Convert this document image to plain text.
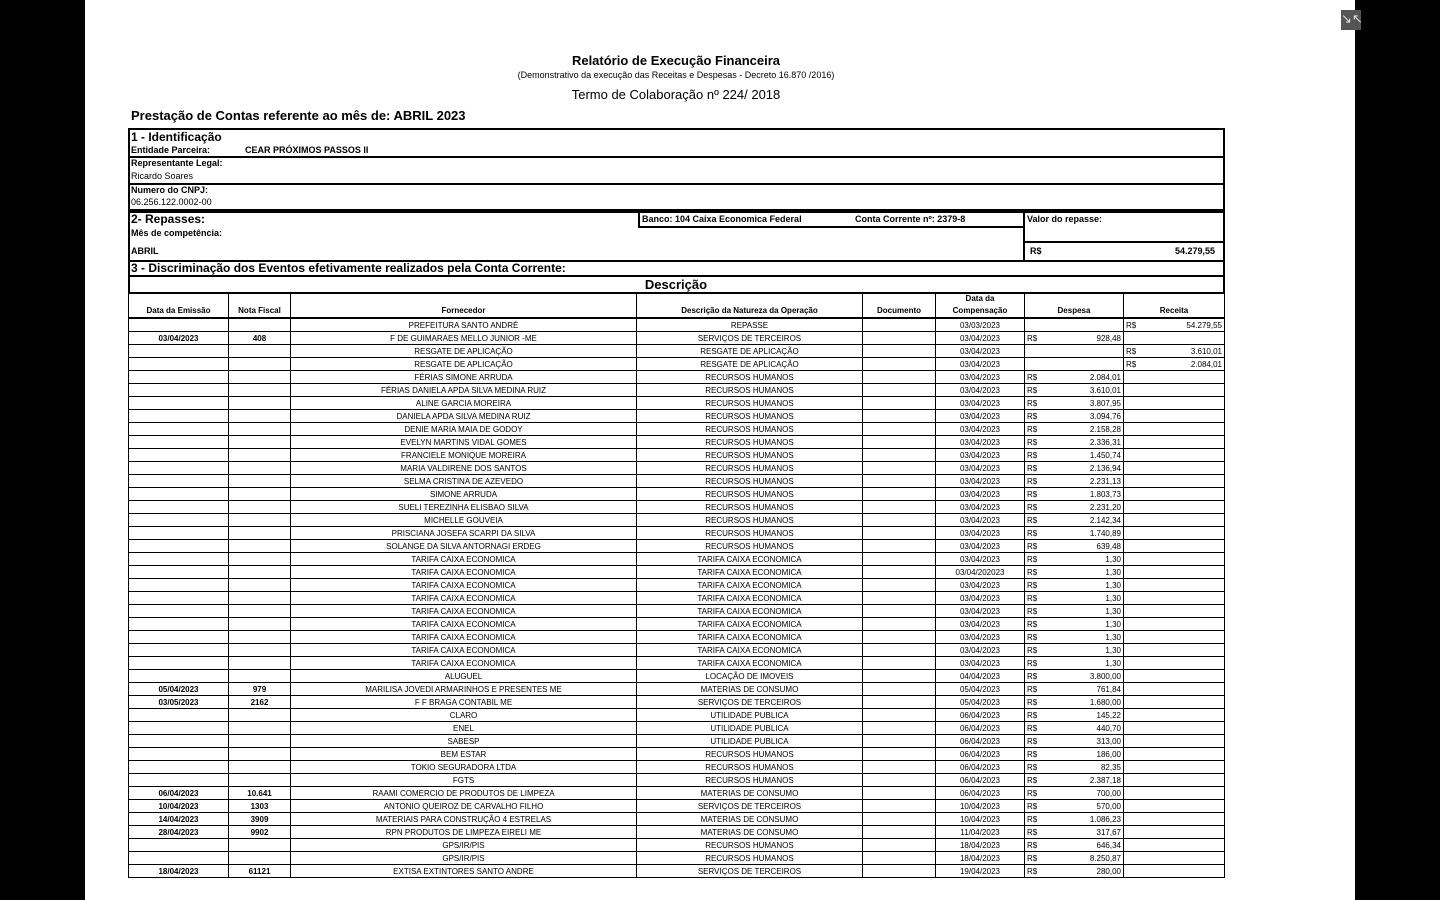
Relatório de Execução Financeira
(Demonstrativo da execução das Receitas e Despesas - Decreto 16.870 /2016)
Termo de Colaboração nº 224/ 2018
Prestação de Contas referente ao mês de: ABRIL 2023
1 - Identificação
Entidade Parceira:	CEAR PRÓXIMOS PASSOS II
Representante Legal:
Ricardo Soares
Numero do CNPJ:
06.256.122.0002-00
2- Repasses:	Banco: 104 Caixa Economica Federal	Conta Corrente nº: 2379-8	Valor do repasse:
Mês de competência:
ABRIL	R$	54.279,55
3 - Discriminação dos Eventos efetivamente realizados pela Conta Corrente:
Descrição
Data da Emissão	Nota Fiscal	Fornecedor	Descrição da Natureza da Operação	Documento	Data da Compensação	Despesa	Receita
		PREFEITURA SANTO ANDRÉ	REPASSE		03/03/2023		R$ 54.279,55

03/04/2023	408	F DE GUIMARAES MELLO JUNIOR -ME	SERVIÇOS DE TERCEIROS		03/04/2023	R$ 928,48	

		RESGATE DE APLICAÇÃO	RESGATE DE APLICAÇÃO		03/04/2023		R$ 3.610,01

		RESGATE DE APLICAÇÃO	RESGATE DE APLICAÇÃO		03/04/2023		R$ 2.084,01

		FÉRIAS SIMONE ARRUDA	RECURSOS HUMANOS		03/04/2023	R$ 2.084,01	

		FÉRIAS DANIELA APDA SILVA MEDINA RUIZ	RECURSOS HUMANOS		03/04/2023	R$ 3.610,01	

		ALINE GARCIA MOREIRA	RECURSOS HUMANOS		03/04/2023	R$ 3.807,95	

		DANIELA APDA SILVA MEDINA RUIZ	RECURSOS HUMANOS		03/04/2023	R$ 3.094,76	

		DENIE MARIA MAIA DE GODOY	RECURSOS HUMANOS		03/04/2023	R$ 2.158,28	

		EVELYN MARTINS VIDAL GOMES	RECURSOS HUMANOS		03/04/2023	R$ 2.336,31	

		FRANCIELE MONIQUE MOREIRA	RECURSOS HUMANOS		03/04/2023	R$ 1.450,74	

		MARIA VALDIRENE DOS SANTOS	RECURSOS HUMANOS		03/04/2023	R$ 2.136,94	

		SELMA CRISTINA DE AZEVEDO	RECURSOS HUMANOS		03/04/2023	R$ 2.231,13	

		SIMONE ARRUDA	RECURSOS HUMANOS		03/04/2023	R$ 1.803,73	

		SUELI TEREZINHA ELISBAO SILVA	RECURSOS HUMANOS		03/04/2023	R$ 2.231,20	

		MICHELLE GOUVEIA	RECURSOS HUMANOS		03/04/2023	R$ 2.142,34	

		PRISCIANA JOSEFA SCARPI DA SILVA	RECURSOS HUMANOS		03/04/2023	R$ 1.740,89	

		SOLANGE DA SILVA ANTORNAGI ERDEG	RECURSOS HUMANOS		03/04/2023	R$ 639,48	

		TARIFA CAIXA ECONOMICA	TARIFA CAIXA ECONOMICA		03/04/2023	R$ 1,30	

		TARIFA CAIXA ECONOMICA	TARIFA CAIXA ECONOMICA		03/04/202023	R$ 1,30	

		TARIFA CAIXA ECONOMICA	TARIFA CAIXA ECONOMICA		03/04/2023	R$ 1,30	

		TARIFA CAIXA ECONOMICA	TARIFA CAIXA ECONOMICA		03/04/2023	R$ 1,30	

		TARIFA CAIXA ECONOMICA	TARIFA CAIXA ECONOMICA		03/04/2023	R$ 1,30	

		TARIFA CAIXA ECONOMICA	TARIFA CAIXA ECONOMICA		03/04/2023	R$ 1,30	

		TARIFA CAIXA ECONOMICA	TARIFA CAIXA ECONOMICA		03/04/2023	R$ 1,30	

		TARIFA CAIXA ECONOMICA	TARIFA CAIXA ECONOMICA		03/04/2023	R$ 1,30	

		TARIFA CAIXA ECONOMICA	TARIFA CAIXA ECONOMICA		03/04/2023	R$ 1,30	

		ALUGUEL	LOCAÇÃO DE IMOVEIS		04/04/2023	R$ 3.800,00	

05/04/2023	979	MARILISA JOVEDI ARMARINHOS E PRESENTES ME	MATERIAS DE CONSUMO		05/04/2023	R$ 761,84	

03/05/2023	2162	F F BRAGA CONTABIL ME	SERVIÇOS DE TERCEIROS		05/04/2023	R$ 1.680,00	

		CLARO	UTILIDADE PUBLICA		06/04/2023	R$ 145,22	

		ENEL	UTILIDADE PUBLICA		06/04/2023	R$ 440,70	

		SABESP	UTILIDADE PUBLICA		06/04/2023	R$ 313,00	

		BEM ESTAR	RECURSOS HUMANOS		06/04/2023	R$ 186,00	

		TOKIO SEGURADORA LTDA	RECURSOS HUMANOS		06/04/2023	R$ 82,35	

		FGTS	RECURSOS HUMANOS		06/04/2023	R$ 2.387,18	

06/04/2023	10.641	RAAMI COMERCIO DE PRODUTOS DE LIMPEZA	MATERIAS DE CONSUMO		06/04/2023	R$ 700,00	

10/04/2023	1303	ANTONIO QUEIROZ DE CARVALHO FILHO	SERVIÇOS DE TERCEIROS		10/04/2023	R$ 570,00	

14/04/2023	3909	MATERIAIS PARA CONSTRUÇÃO 4 ESTRELAS	MATERIAS DE CONSUMO		10/04/2023	R$ 1.086,23	

28/04/2023	9902	RPN PRODUTOS DE LIMPEZA EIRELI ME	MATERIAS DE CONSUMO		11/04/2023	R$ 317,67	

		GPS/IR/PIS	RECURSOS HUMANOS		18/04/2023	R$ 646,34	

		GPS/IR/PIS	RECURSOS HUMANOS		18/04/2023	R$ 8.250,87	

18/04/2023	61121	EXTISA EXTINTORES SANTO ANDRE	SERVIÇOS DE TERCEIROS		19/04/2023	R$ 280,00	

↘↖
